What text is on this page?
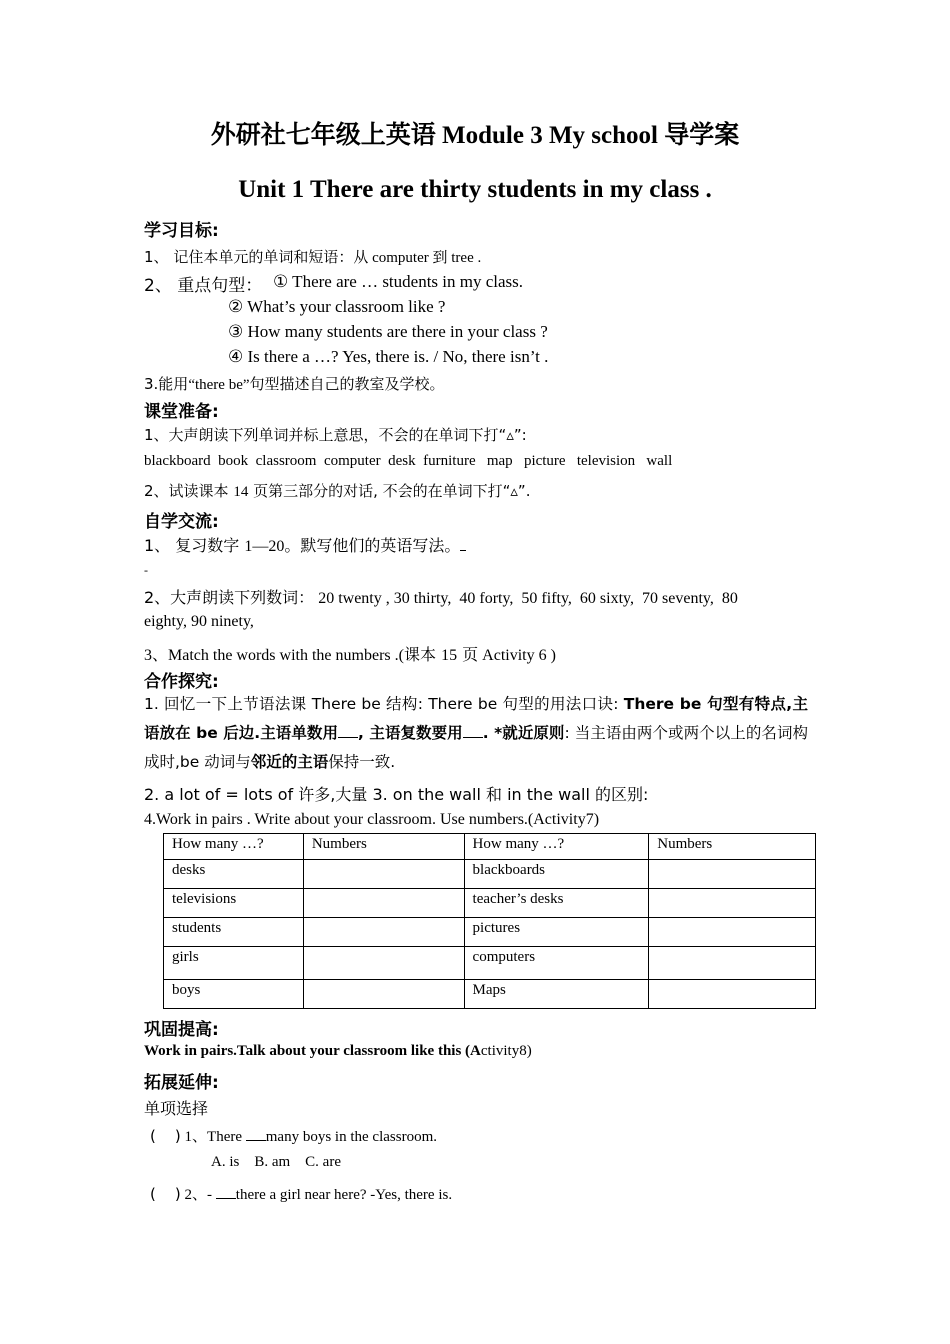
外研社七年级上英语 Module 3 My school 导学案
Unit 1 There are thirty students in my class .
学习目标:
1、 记住本单元的单词和短语：从 computer 到 tree .
2、 重点句型： ① There are … students in my class.
② What’s your classroom like ?
③ How many students are there in your class ?
④ Is there a …? Yes, there is. / No, there isn’t .
3.能用“there be”句型描述自己的教室及学校。
课堂准备:
1、大声朗读下列单词并标上意思，不会的在单词下打“▵”:
blackboard book classroom computer desk furniture map picture television wall
2、试读课本 14 页第三部分的对话, 不会的在单词下打“▵”.
自学交流:
1、 复习数字 1—20。默写他们的英语写法。
-
2、大声朗读下列数词： 20 twenty , 30 thirty,  40 forty,  50 fifty,  60 sixty,  70 seventy,  80
eighty, 90 ninety,
3、Match the words with the numbers .(课本 15 页 Activity 6 )
合作探究:
1. 回忆一下上节语法课 There be 结构: There be 句型的用法口诀: There be 句型有特点,主语放在 be 后边.主语单数用 , 主语复数要用 . *就近原则: 当主语由两个或两个以上的名词构成时,be 动词与邻近的主语保持一致.
2. a lot of = lots of 许多,大量 3. on the wall 和 in the wall 的区别:
4.Work in pairs . Write about your classroom. Use numbers.(Activity7)
How many …?	Numbers	How many …?	Numbers
desks		blackboards	
televisions		teacher’s desks	
students		pictures	
girls		computers	
boys		Maps	
巩固提高:
Work in pairs.Talk about your classroom like this (Activity8)
拓展延伸:
单项选择
(    ) 1、There many boys in the classroom.
A. is    B. am    C. are
(    ) 2、- there a girl near here? -Yes, there is.
